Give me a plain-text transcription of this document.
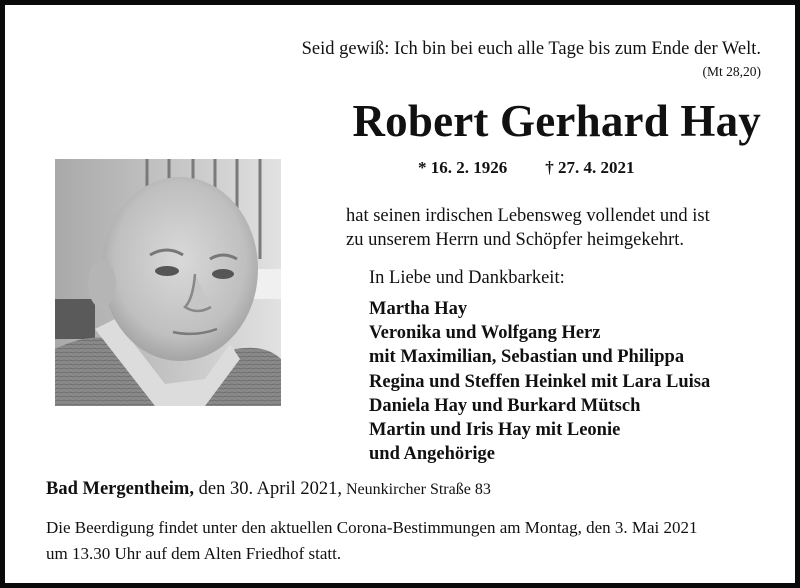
Seid gewiß: Ich bin bei euch alle Tage bis zum Ende der Welt.
(Mt 28,20)
Robert Gerhard Hay
* 16. 2. 1926 † 27. 4. 2021
hat seinen irdischen Lebensweg vollendet und ist
zu unserem Herrn und Schöpfer heimgekehrt.
In Liebe und Dankbarkeit:
Martha Hay
Veronika und Wolfgang Herz
mit Maximilian, Sebastian und Philippa
Regina und Steffen Heinkel mit Lara Luisa
Daniela Hay und Burkard Mütsch
Martin und Iris Hay mit Leonie
und Angehörige
Bad Mergentheim, den 30. April 2021, Neunkircher Straße 83
Die Beerdigung findet unter den aktuellen Corona-Bestimmungen am Montag, den 3. Mai 2021
um 13.30 Uhr auf dem Alten Friedhof statt.
